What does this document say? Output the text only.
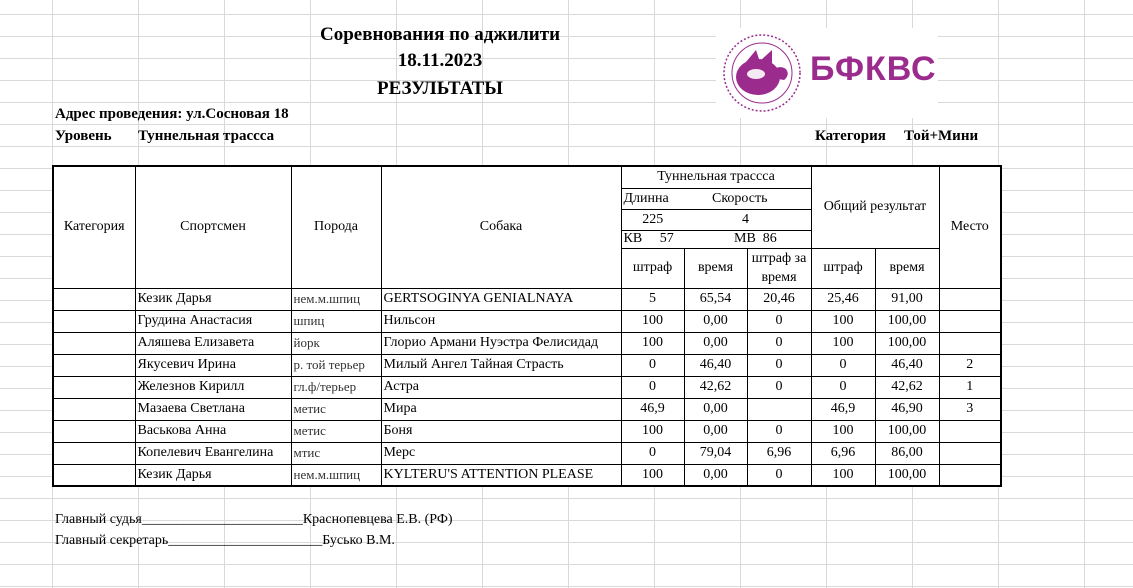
Соревнования по аджилити
18.11.2023
РЕЗУЛЬТАТЫ
БФКВС
Адрес проведения: ул.Сосновая 18
Уровень Туннельная трассса	Категория Той+Мини
Категория	Спортсмен	Порода	Собака	Туннельная трассса			Общий результат		Место
				Длинна	Скорость				
				225	4				
				КВ 57	МВ 86				
				штраф	время	штраф за время	штраф	время	
	Кезик Дарья	нем.м.шпиц	GERTSOGINYA GENIALNAYA	5	65,54	20,46	25,46	91,00	
	Грудина Анастасия	шпиц	Нильсон	100	0,00	0	100	100,00	
	Аляшева Елизавета	йорк	Глорио Армани Нуэстра Фелисидад	100	0,00	0	100	100,00	
	Якусевич Ирина	р. той терьер	Милый Ангел Тайная Страсть	0	46,40	0	0	46,40	2
	Железнов Кирилл	гл.ф/терьер	Астра	0	42,62	0	0	42,62	1
	Мазаева Светлана	метис	Мира	46,9	0,00		46,9	46,90	3
	Васькова Анна	метис	Боня	100	0,00	0	100	100,00	
	Копелевич Евангелина	мтис	Мерс	0	79,04	6,96	6,96	86,00	
	Кезик Дарья	нем.м.шпиц	KYLTERU'S ATTENTION PLEASE	100	0,00	0	100	100,00	
Главный судья_______________________Краснопевцева Е.В. (РФ)
Главный секретарь______________________Бусько В.М.
